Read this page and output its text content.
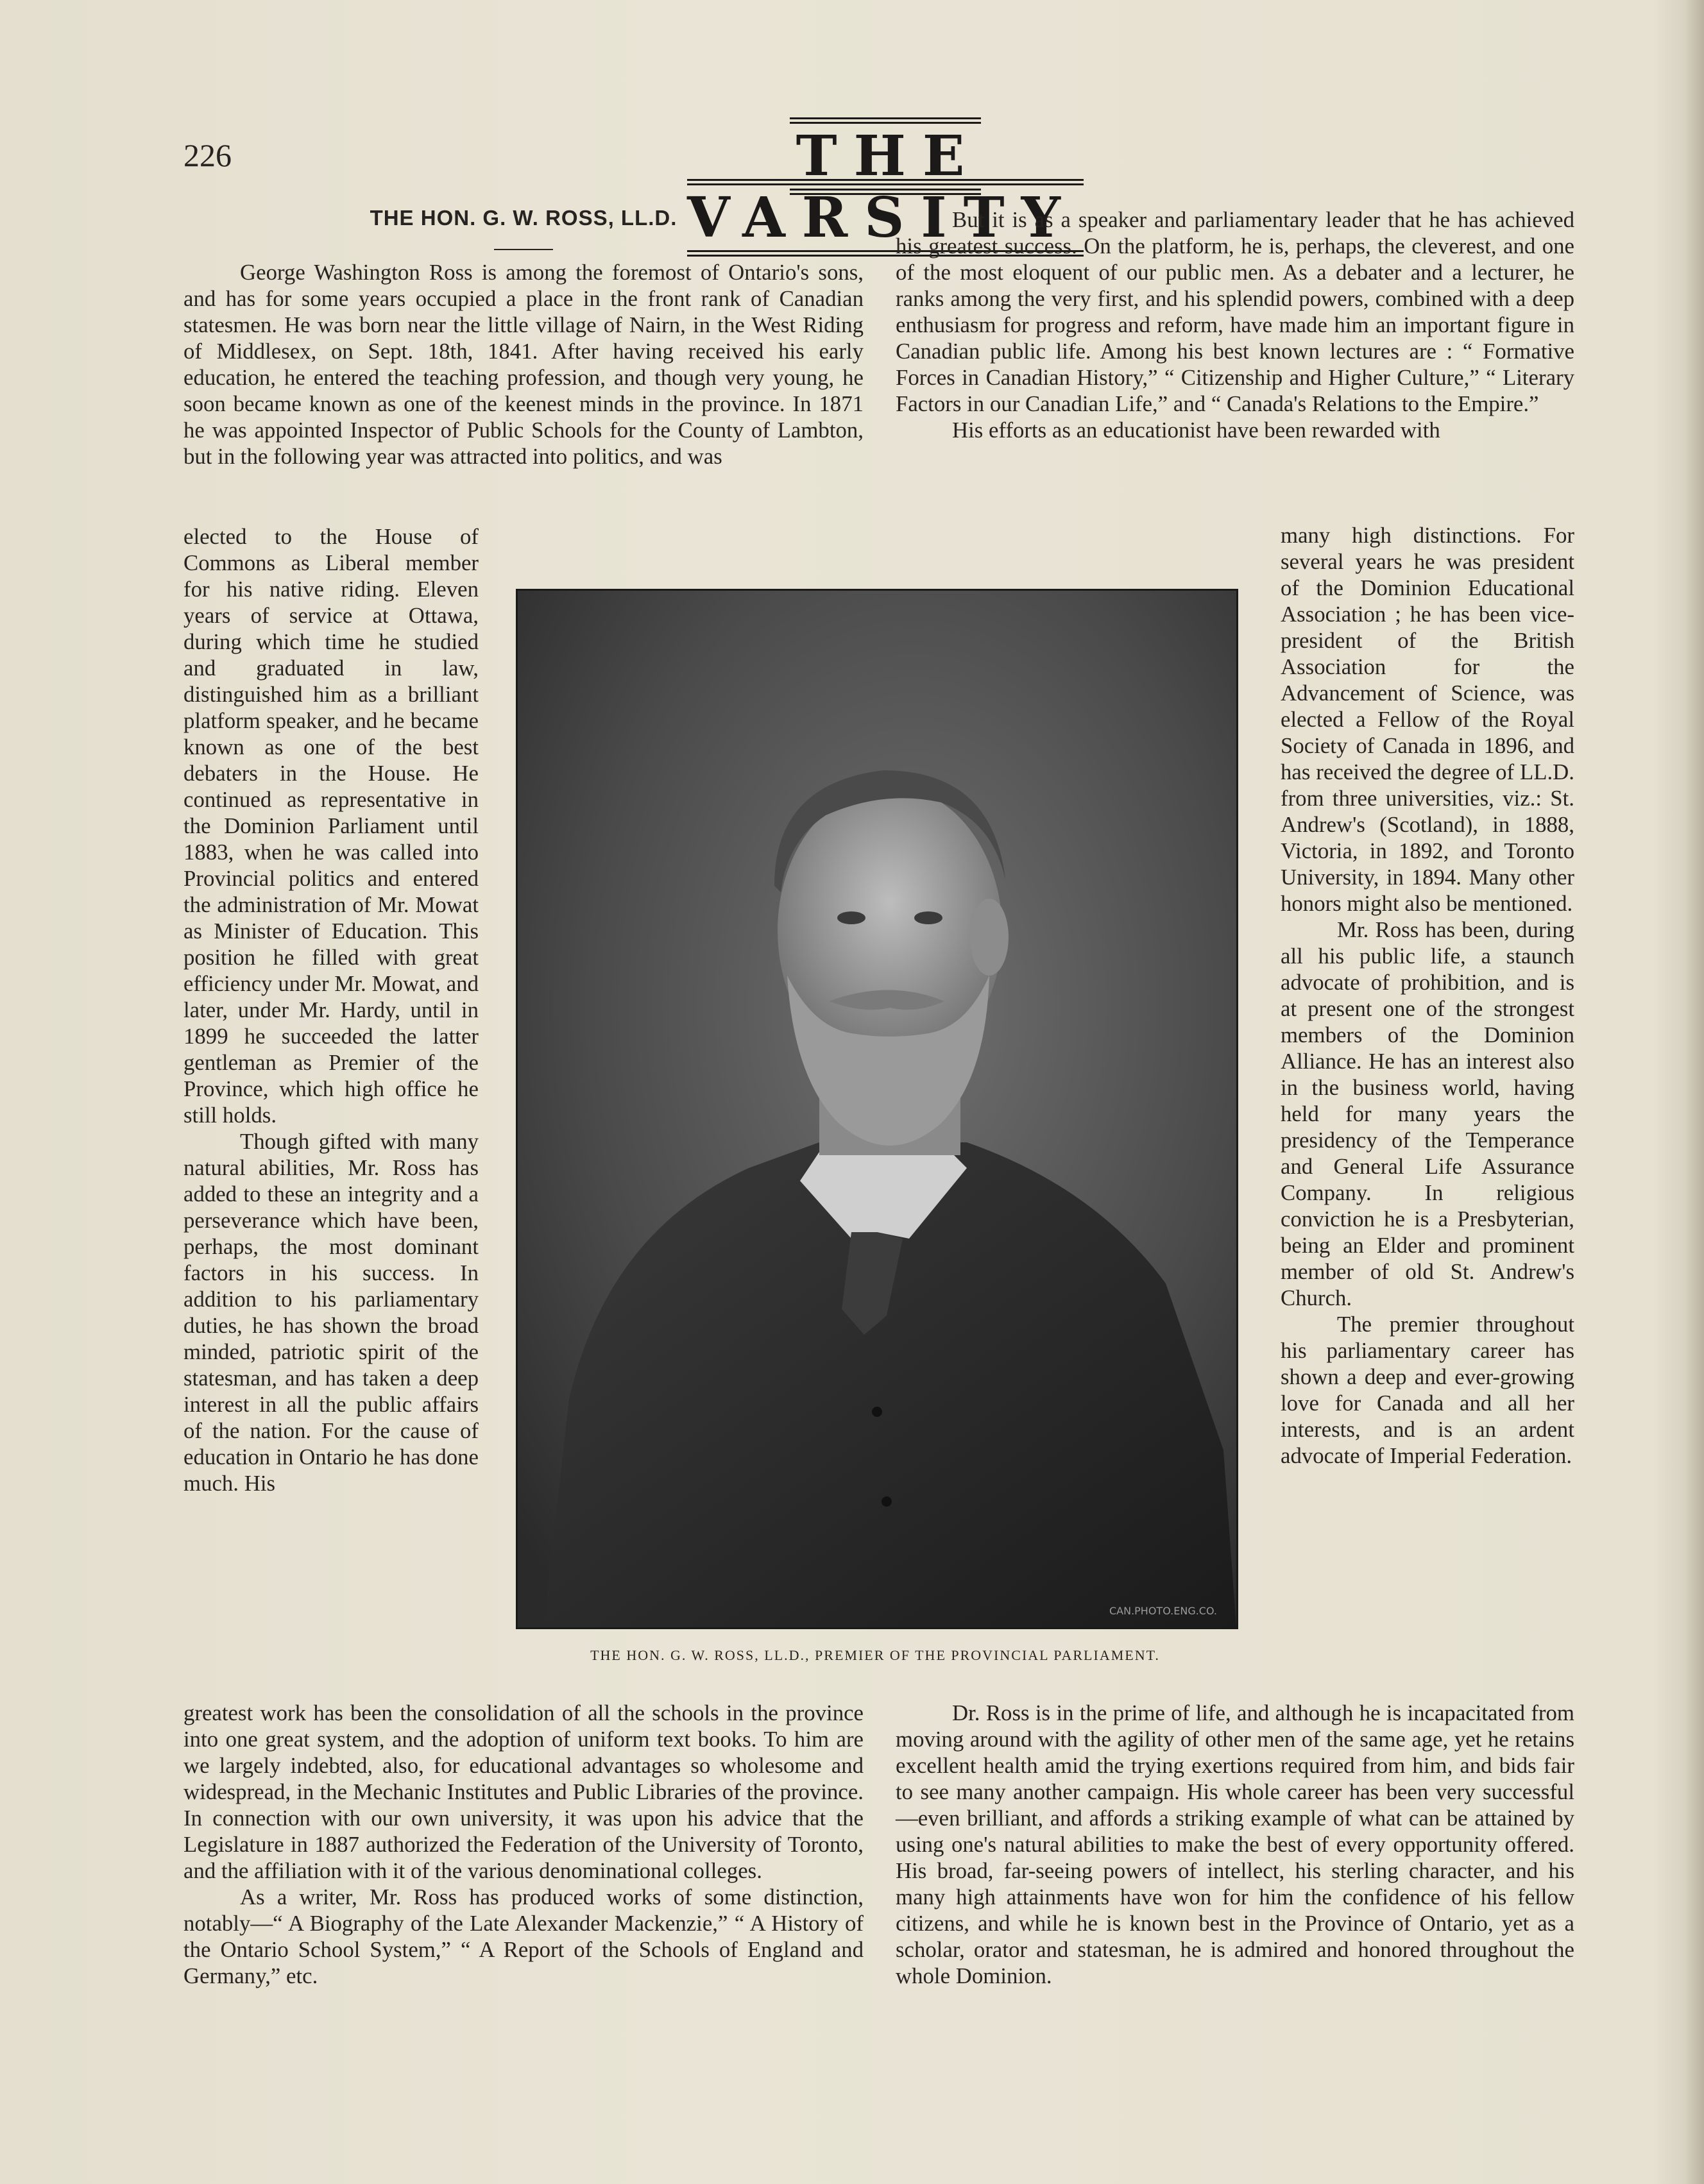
226	THE VARSITY
THE HON. G. W. ROSS, LL.D.

George Washington Ross is among the foremost of Ontario's sons, and has for some years occupied a place in the front rank of Canadian statesmen. He was born near the little village of Nairn, in the West Riding of Middlesex, on Sept. 18th, 1841. After having received his early education, he entered the teaching profession, and though very young, he soon became known as one of the keenest minds in the province. In 1871 he was appointed Inspector of Public Schools for the County of Lambton, but in the following year was attracted into politics, and was

elected to the House of Commons as Liberal member for his native riding. Eleven years of service at Ottawa, during which time he studied and graduated in law, distinguished him as a brilliant platform speaker, and he became known as one of the best debaters in the House. He continued as representative in the Dominion Parliament until 1883, when he was called into Provincial politics and entered the administration of Mr. Mowat as Minister of Education. This position he filled with great efficiency under Mr. Mowat, and later, under Mr. Hardy, until in 1899 he succeeded the latter gentleman as Premier of the Province, which high office he still holds.

Though gifted with many natural abilities, Mr. Ross has added to these an integrity and a perseverance which have been, perhaps, the most dominant factors in his success. In addition to his parliamentary duties, he has shown the broad minded, patriotic spirit of the statesman, and has taken a deep interest in all the public affairs of the nation. For the cause of education in Ontario he has done much. His

greatest work has been the consolidation of all the schools in the province into one great system, and the adoption of uniform text books. To him are we largely indebted, also, for educational advantages so wholesome and widespread, in the Mechanic Institutes and Public Libraries of the province. In connection with our own university, it was upon his advice that the Legislature in 1887 authorized the Federation of the University of Toronto, and the affiliation with it of the various denominational colleges.

As a writer, Mr. Ross has produced works of some distinction, notably—“ A Biography of the Late Alexander Mackenzie,” “ A History of the Ontario School System,” “ A Report of the Schools of England and Germany,” etc.

But it is as a speaker and parliamentary leader that he has achieved his greatest success. On the platform, he is, perhaps, the cleverest, and one of the most eloquent of our public men. As a debater and a lecturer, he ranks among the very first, and his splendid powers, combined with a deep enthusiasm for progress and reform, have made him an important figure in Canadian public life. Among his best known lectures are : “ Formative Forces in Canadian History,” “ Citizenship and Higher Culture,” “ Literary Factors in our Canadian Life,” and “ Canada's Relations to the Empire.”

His efforts as an educationist have been rewarded with

many high distinctions. For several years he was president of the Dominion Educational Association ; he has been vice-president of the British Association for the Advancement of Science, was elected a Fellow of the Royal Society of Canada in 1896, and has received the degree of LL.D. from three universities, viz.: St. Andrew's (Scotland), in 1888, Victoria, in 1892, and Toronto University, in 1894. Many other honors might also be mentioned.

Mr. Ross has been, during all his public life, a staunch advocate of prohibition, and is at present one of the strongest members of the Dominion Alliance. He has an interest also in the business world, having held for many years the presidency of the Temperance and General Life Assurance Company. In religious conviction he is a Presbyterian, being an Elder and prominent member of old St. Andrew's Church.

The premier throughout his parliamentary career has shown a deep and ever-growing love for Canada and all her interests, and is an ardent advocate of Imperial Federation.

Dr. Ross is in the prime of life, and although he is incapacitated from moving around with the agility of other men of the same age, yet he retains excellent health amid the trying exertions required from him, and bids fair to see many another campaign. His whole career has been very successful—even brilliant, and affords a striking example of what can be attained by using one's natural abilities to make the best of every opportunity offered. His broad, far-seeing powers of intellect, his sterling character, and his many high attainments have won for him the confidence of his fellow citizens, and while he is known best in the Province of Ontario, yet as a scholar, orator and statesman, he is admired and honored throughout the whole Dominion.

CAN.PHOTO.ENG.CO.
THE HON. G. W. ROSS, LL.D., PREMIER OF THE PROVINCIAL PARLIAMENT.
